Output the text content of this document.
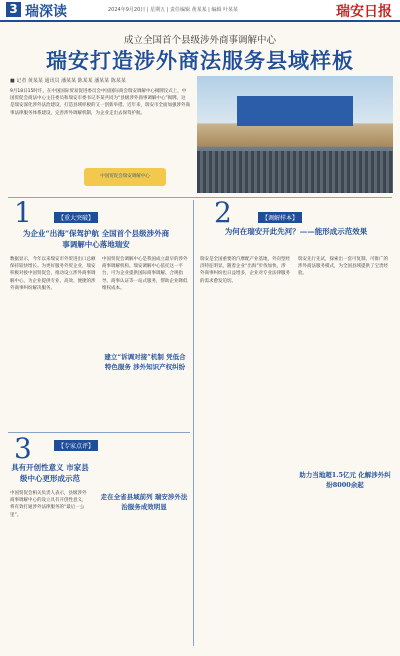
3 瑞深读	2024年9月20日 | 星期五 | 责任编辑 黄某某 | 编辑 叶某某	瑞安日报
成立全国首个县级涉外商事调解中心
瑞安打造涉外商法服务县域样板
■ 记者 黄某某 通讯员 潘某某 陈某某 潘某某 陈某某
9月18日15时许，在中国国际贸易促进委员会中国国际商会瑞安调解中心揭牌仪式上，中国贸促会商法中心主任委员和瑞安市委书记李某共同为“县级涉外商事调解中心”揭牌。这是瑞安深化涉外法治建设、打造县域样板的又一创新举措。近年来，瑞安市全面加强涉外商事法律服务体系建设，完善涉外调解机制，为企业走出去保驾护航。
中国贸促会瑞安调解中心
1	【重大突破】
为企业“出海”保驾护航 全国首个县级涉外商事调解中心落地瑞安
数据显示，今年以来瑞安市外贸进出口总额保持较快增长。为更好服务外贸企业，瑞安积极对接中国贸促会，推动设立涉外商事调解中心，为企业提供专业、高效、便捷的涉外商事纠纷解决服务。
中国贸促会调解中心是我国成立最早的涉外商事调解机构。瑞安调解中心依托这一平台，可为企业提供国际商事调解、合规指导、商事认证等一站式服务，帮助企业降低维权成本。
2	【调解样本】
为何在瑞安开此先河？——能形成示范效果
瑞安是全国重要的汽摩配产业基地，外向型经济特征明显。随着企业“出海”步伐加快，涉外商事纠纷也日益增多，企业对专业法律服务的需求愈发迫切。
瑞安先行先试，探索出一套可复制、可推广的涉外商法服务模式，为全国县域提供了宝贵经验。
建立“诉调对接”机制 凭低合特色服务 涉外知识产权纠纷
助力当地超1.5亿元 化解涉外纠纷8000余起
3	【专家点评】
具有开创性意义 市家县级中心更形成示范
中国贸促会相关负责人表示，县级涉外商事调解中心的设立具有开创性意义，将有效打通涉外法律服务的“最后一公里”。
走在全省县域前列 瑞安涉外法治服务成效明显
